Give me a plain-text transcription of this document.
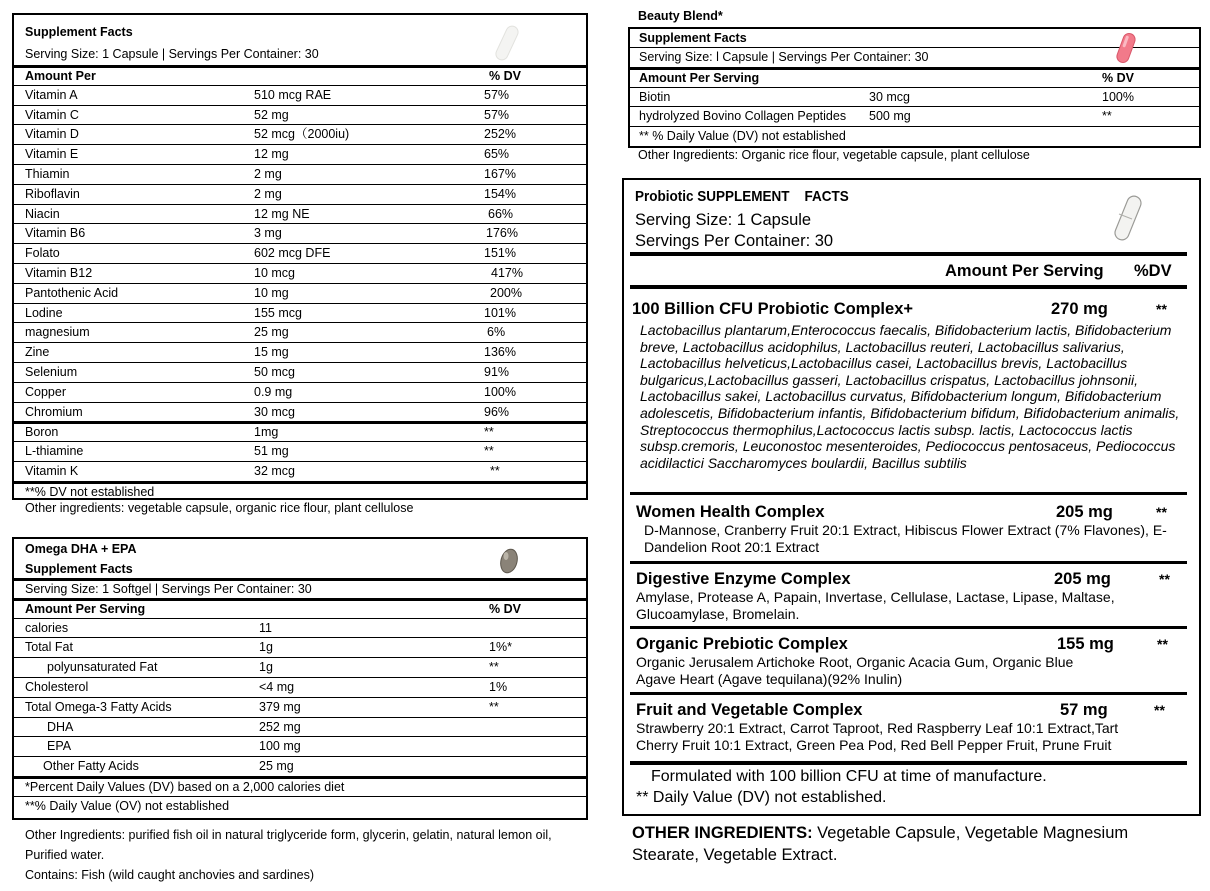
Supplement Facts
Serving Size: 1 Capsule | Servings Per Container: 30
Amount Per	% DV
Vitamin A	510 mcg RAE	57%
Vitamin C	52 mg	57%
Vitamin D	52 mcg（2000iu)	252%
Vitamin E	12 mg	65%
Thiamin	2 mg	167%
Riboflavin	2 mg	154%
Niacin	12 mg NE	66%
Vitamin B6	3 mg	176%
Folato	602 mcg DFE	151%
Vitamin B12	10 mcg	417%
Pantothenic Acid	10 mg	200%
Lodine	155 mcg	101%
magnesium	25 mg	6%
Zine	15 mg	136%
Selenium	50 mcg	91%
Copper	0.9 mg	100%
Chromium	30 mcg	96%
Boron	1mg	**
L-thiamine	51 mg	**
Vitamin K	32 mcg	**
**% DV not established
Other ingredients: vegetable capsule, organic rice flour, plant cellulose
Omega DHA + EPA
Supplement Facts
Serving Size: 1 Softgel | Servings Per Container: 30
Amount Per Serving	% DV
calories	11
Total Fat	1g	1%*
polyunsaturated Fat	1g	**
Cholesterol	<4 mg	1%
Total Omega-3 Fatty Acids	379 mg	**
DHA	252 mg
EPA	100 mg
Other Fatty Acids	25 mg
*Percent Daily Values (DV) based on a 2,000 calories diet
**% Daily Value (OV) not established
Other Ingredients: purified fish oil in natural triglyceride form, glycerin, gelatin, natural lemon oil,
Purified water.
Contains: Fish (wild caught anchovies and sardines)
Beauty Blend*
Supplement Facts
Serving Size: l Capsule | Servings Per Container: 30
Amount Per Serving	% DV
Biotin	30 mcg	100%
hydrolyzed Bovino Collagen Peptides 500 mg	**
** % Daily Value (DV) not established
Other Ingredients: Organic rice flour, vegetable capsule, plant cellulose
Probiotic SUPPLEMENT    FACTS
Serving Size: 1 Capsule
Servings Per Container: 30
Amount Per Serving %DV
100 Billion CFU Probiotic Complex+	270 mg	**
Lactobacillus plantarum,Enterococcus faecalis, Bifidobacterium lactis, Bifidobacterium breve, Lactobacillus acidophilus, Lactobacillus reuteri, Lactobacillus salivarius, Lactobacillus helveticus,Lactobacillus casei, Lactobacillus brevis, Lactobacillus bulgaricus,Lactobacillus gasseri, Lactobacillus crispatus, Lactobacillus johnsonii, Lactobacillus sakei, Lactobacillus curvatus, Bifidobacterium longum, Bifidobacterium adolescetis, Bifidobacterium infantis, Bifidobacterium bifidum, Bifidobacterium animalis, Streptococcus thermophilus,Lactococcus lactis subsp. lactis, Lactococcus lactis subsp.cremoris, Leuconostoc mesenteroides, Pediococcus pentosaceus, Pediococcus acidilactici Saccharomyces boulardii, Bacillus subtilis
Women Health Complex	205 mg	**
D-Mannose, Cranberry Fruit 20:1 Extract, Hibiscus Flower Extract (7% Flavones), E-Dandelion Root 20:1 Extract
Digestive Enzyme Complex	205 mg	**
Amylase, Protease A, Papain, Invertase, Cellulase, Lactase, Lipase, Maltase, Glucoamylase, Bromelain.
Organic Prebiotic Complex	155 mg	**
Organic Jerusalem Artichoke Root, Organic Acacia Gum, Organic Blue Agave Heart (Agave tequilana)(92% Inulin)
Fruit and Vegetable Complex	57 mg	**
Strawberry 20:1 Extract, Carrot Taproot, Red Raspberry Leaf 10:1 Extract,Tart Cherry Fruit 10:1 Extract, Green Pea Pod, Red Bell Pepper Fruit, Prune Fruit
Formulated with 100 billion CFU at time of manufacture.
** Daily Value (DV) not established.
OTHER INGREDIENTS: Vegetable Capsule, Vegetable Magnesium Stearate, Vegetable Extract.
